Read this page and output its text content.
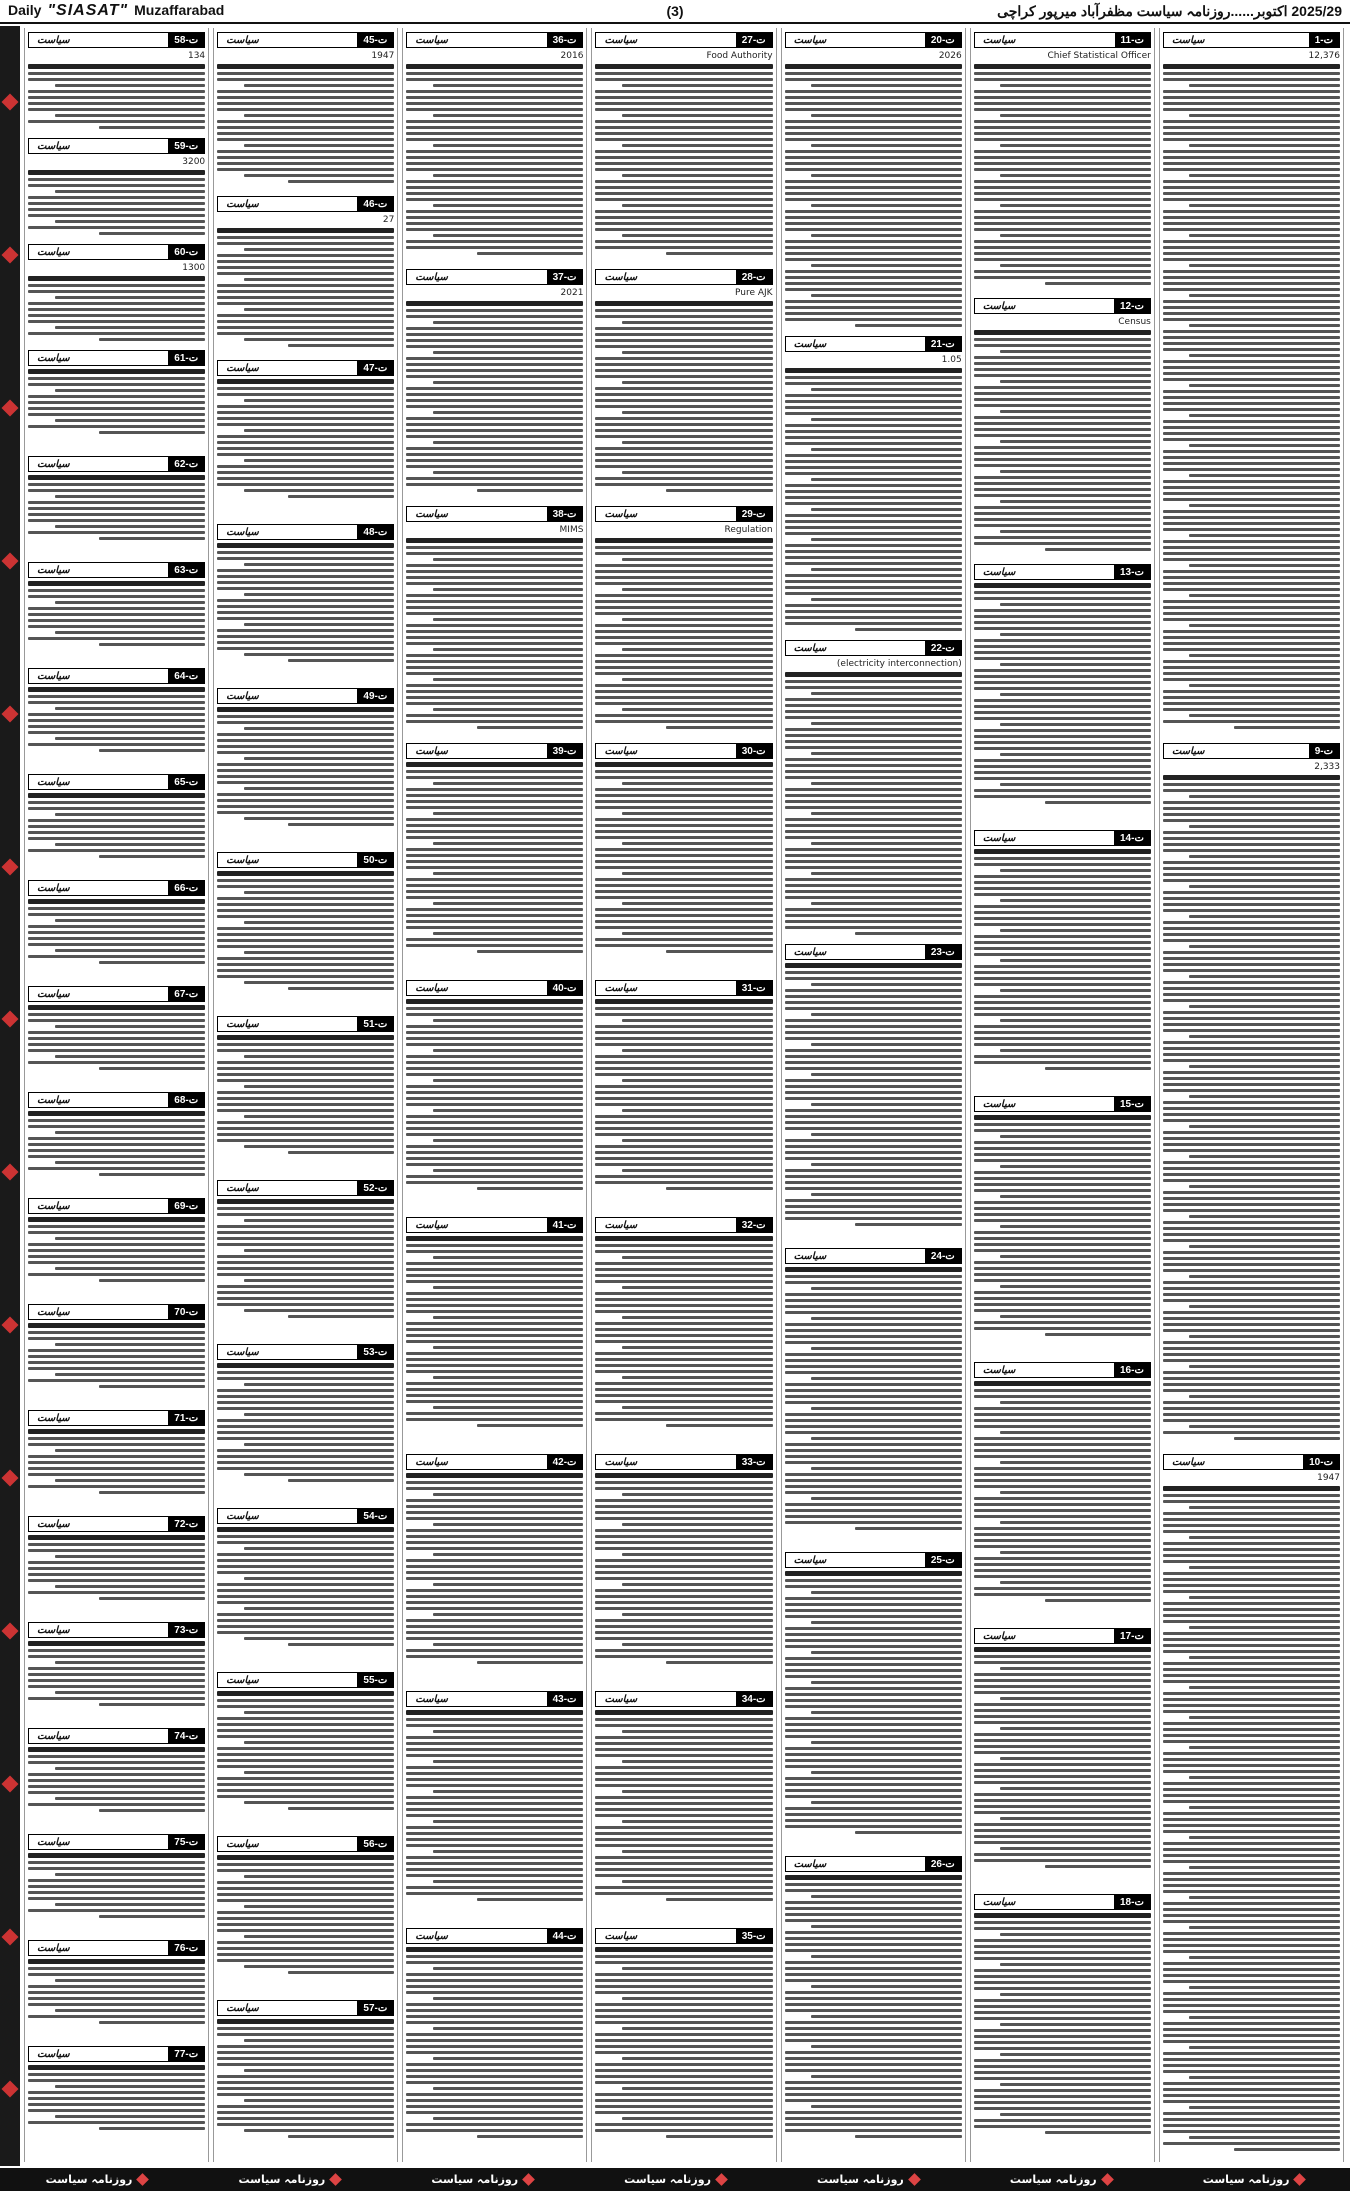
Daily "SIASAT" Muzaffarabad	(3)	2025/29 اکتوبر......روزنامہ سیاست مظفرآباد میرپور کراچی
ت-1
سیاست
12,376
ت-9
سیاست
2,333
ت-10
سیاست
1947
ت-11
سیاست
Chief Statistical Officer
ت-12
سیاست
Census
ت-13
سیاست
ت-14
سیاست
ت-15
سیاست
ت-16
سیاست
ت-17
سیاست
ت-18
سیاست
ت-20
سیاست
2026
ت-21
سیاست
1.05
ت-22
سیاست
(electricity interconnection)
ت-23
سیاست
ت-24
سیاست
ت-25
سیاست
ت-26
سیاست
ت-27
سیاست
Food Authority
ت-28
سیاست
Pure AJK
ت-29
سیاست
Regulation
ت-30
سیاست
ت-31
سیاست
ت-32
سیاست
ت-33
سیاست
ت-34
سیاست
ت-35
سیاست
ت-36
سیاست
2016
ت-37
سیاست
2021
ت-38
سیاست
MIMS
ت-39
سیاست
ت-40
سیاست
ت-41
سیاست
ت-42
سیاست
ت-43
سیاست
ت-44
سیاست
ت-45
سیاست
1947
ت-46
سیاست
27
ت-47
سیاست
ت-48
سیاست
ت-49
سیاست
ت-50
سیاست
ت-51
سیاست
ت-52
سیاست
ت-53
سیاست
ت-54
سیاست
ت-55
سیاست
ت-56
سیاست
ت-57
سیاست
ت-58
سیاست
134
ت-59
سیاست
3200
ت-60
سیاست
1300
ت-61
سیاست
ت-62
سیاست
ت-63
سیاست
ت-64
سیاست
ت-65
سیاست
ت-66
سیاست
ت-67
سیاست
ت-68
سیاست
ت-69
سیاست
ت-70
سیاست
ت-71
سیاست
ت-72
سیاست
ت-73
سیاست
ت-74
سیاست
ت-75
سیاست
ت-76
سیاست
ت-77
سیاست
روزنامہ سیاست
روزنامہ سیاست
روزنامہ سیاست
روزنامہ سیاست
روزنامہ سیاست
روزنامہ سیاست
روزنامہ سیاست
